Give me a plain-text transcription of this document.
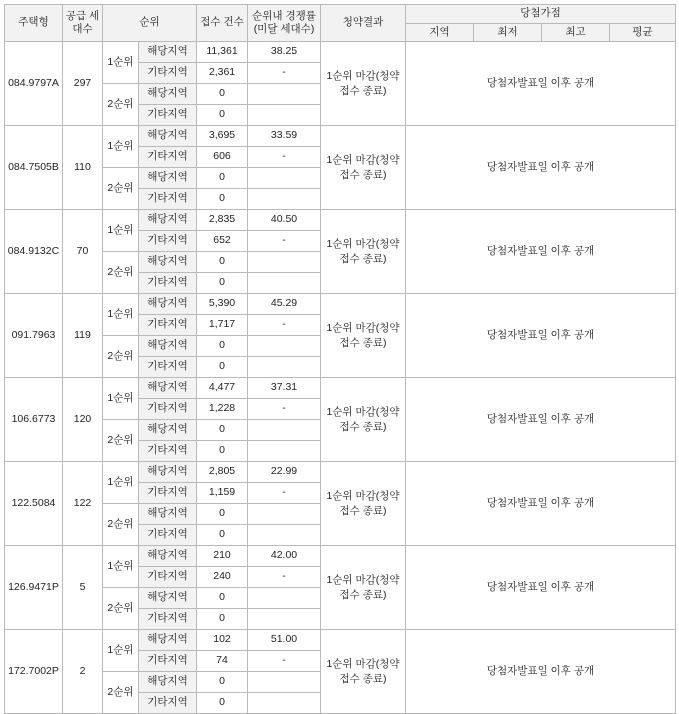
주택형	공급 세대수	순위		접수 건수	순위내 경쟁률 (미달 세대수)	청약결과	당첨가점			
							지역	최저	최고	평균
084.9797A	297	1순위	해당지역	11,361	38.25	1순위 마감(청약 접수 종료)	당첨자발표일 이후 공개			
			기타지역	2,361	-					
		2순위	해당지역	0						
			기타지역	0						
084.7505B	110	1순위	해당지역	3,695	33.59	1순위 마감(청약 접수 종료)	당첨자발표일 이후 공개			
			기타지역	606	-					
		2순위	해당지역	0						
			기타지역	0						
084.9132C	70	1순위	해당지역	2,835	40.50	1순위 마감(청약 접수 종료)	당첨자발표일 이후 공개			
			기타지역	652	-					
		2순위	해당지역	0						
			기타지역	0						
091.7963	119	1순위	해당지역	5,390	45.29	1순위 마감(청약 접수 종료)	당첨자발표일 이후 공개			
			기타지역	1,717	-					
		2순위	해당지역	0						
			기타지역	0						
106.6773	120	1순위	해당지역	4,477	37.31	1순위 마감(청약 접수 종료)	당첨자발표일 이후 공개			
			기타지역	1,228	-					
		2순위	해당지역	0						
			기타지역	0						
122.5084	122	1순위	해당지역	2,805	22.99	1순위 마감(청약 접수 종료)	당첨자발표일 이후 공개			
			기타지역	1,159	-					
		2순위	해당지역	0						
			기타지역	0						
126.9471P	5	1순위	해당지역	210	42.00	1순위 마감(청약 접수 종료)	당첨자발표일 이후 공개			
			기타지역	240	-					
		2순위	해당지역	0						
			기타지역	0						
172.7002P	2	1순위	해당지역	102	51.00	1순위 마감(청약 접수 종료)	당첨자발표일 이후 공개			
			기타지역	74	-					
		2순위	해당지역	0						
			기타지역	0						
